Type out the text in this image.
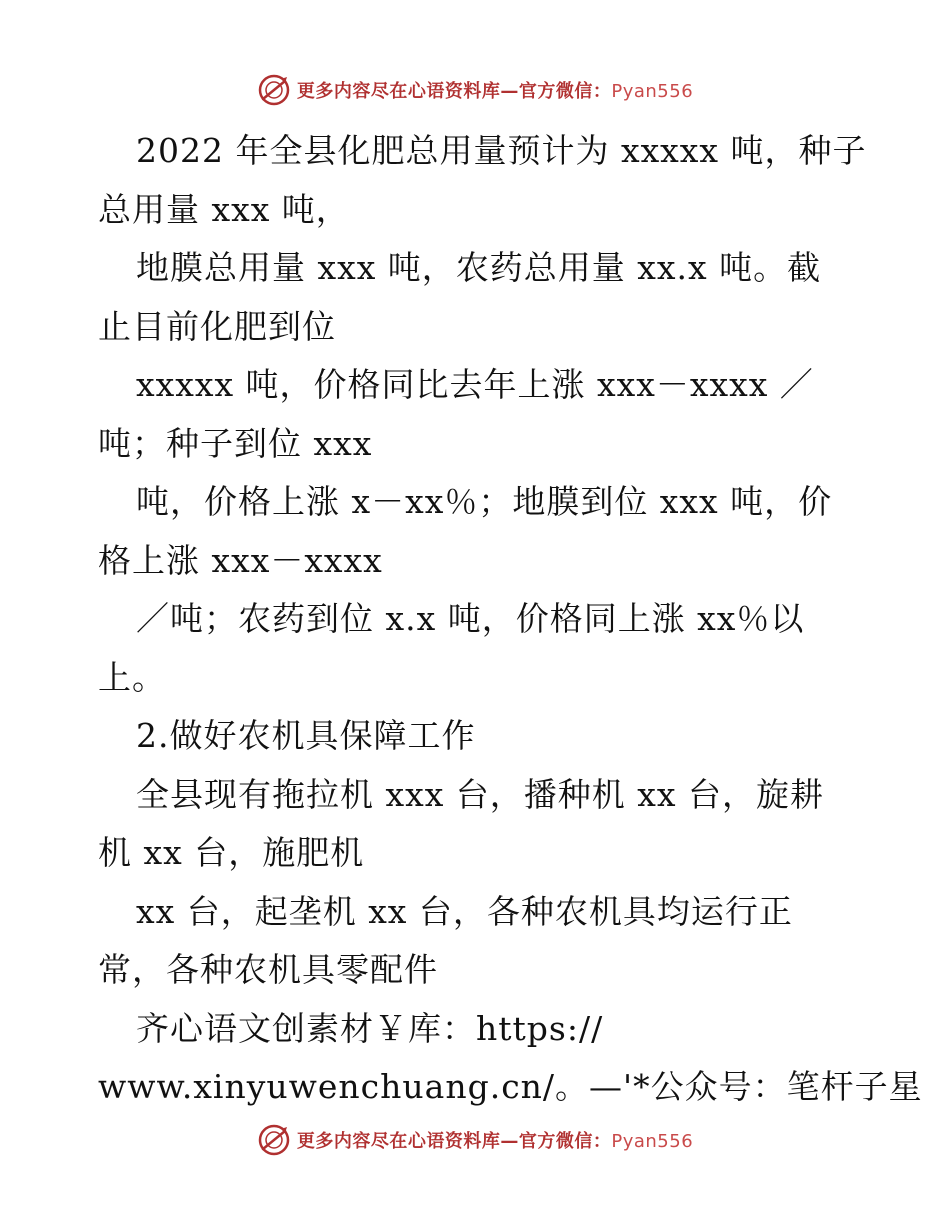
更多内容尽在心语资料库—官方微信：Pyan556
2022 年全县化肥总用量预计为 xxxxx 吨，种子
总用量 xxx 吨，
地膜总用量 xxx 吨，农药总用量 xx.x 吨。截
止目前化肥到位
xxxxx 吨，价格同比去年上涨 xxx－xxxx ／
吨；种子到位 xxx
吨，价格上涨 x－xx％；地膜到位 xxx 吨，价
格上涨 xxx－xxxx
／吨；农药到位 x.x 吨，价格同上涨 xx％以
上。
2.做好农机具保障工作
全县现有拖拉机 xxx 台，播种机 xx 台，旋耕
机 xx 台，施肥机
xx 台，起垄机 xx 台，各种农机具均运行正
常，各种农机具零配件
齐心语文创素材￥库：https://
www.xinyuwenchuang.cn/。—'*公众号：笔杆子星
更多内容尽在心语资料库—官方微信：Pyan556
